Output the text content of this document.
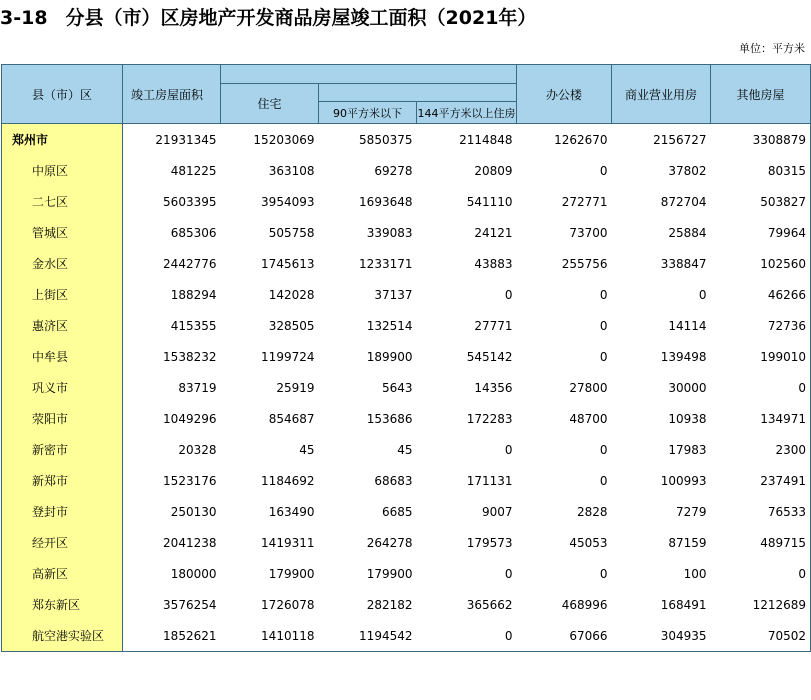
3-18 分县（市）区房地产开发商品房屋竣工面积（2021年）
单位：平方米
县（市）区	竣工房屋面积				办公楼	商业营业用房	其他房屋
		住宅					
			90平方米以下	144平方米以上住房			
郑州市	21931345	15203069	5850375	2114848	1262670	2156727	3308879
中原区	481225	363108	69278	20809	0	37802	80315
二七区	5603395	3954093	1693648	541110	272771	872704	503827
管城区	685306	505758	339083	24121	73700	25884	79964
金水区	2442776	1745613	1233171	43883	255756	338847	102560
上街区	188294	142028	37137	0	0	0	46266
惠济区	415355	328505	132514	27771	0	14114	72736
中牟县	1538232	1199724	189900	545142	0	139498	199010
巩义市	83719	25919	5643	14356	27800	30000	0
荥阳市	1049296	854687	153686	172283	48700	10938	134971
新密市	20328	45	45	0	0	17983	2300
新郑市	1523176	1184692	68683	171131	0	100993	237491
登封市	250130	163490	6685	9007	2828	7279	76533
经开区	2041238	1419311	264278	179573	45053	87159	489715
高新区	180000	179900	179900	0	0	100	0
郑东新区	3576254	1726078	282182	365662	468996	168491	1212689
航空港实验区	1852621	1410118	1194542	0	67066	304935	70502
